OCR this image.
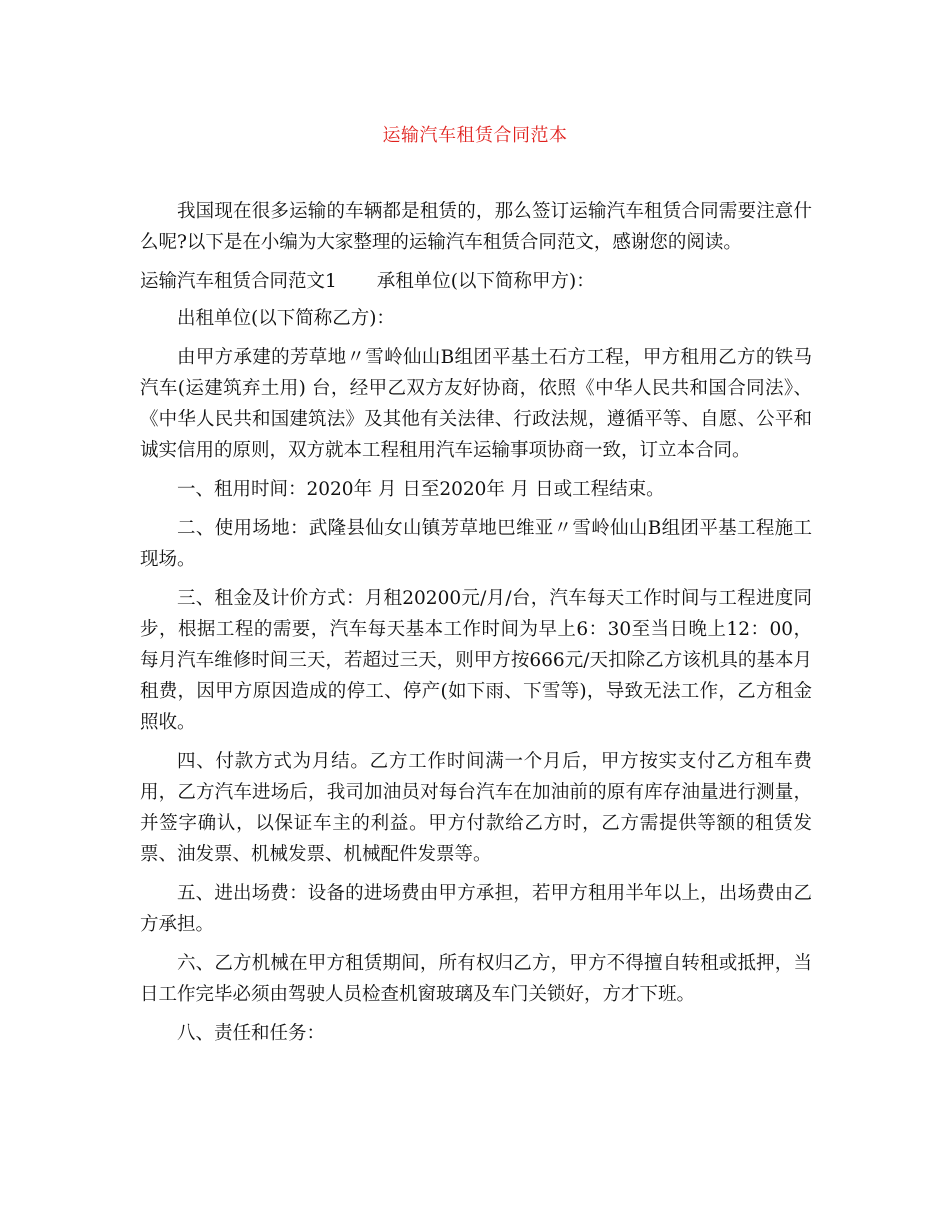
运输汽车租赁合同范本

我国现在很多运输的车辆都是租赁的，那么签订运输汽车租赁合同需要注意什么呢?以下是在小编为大家整理的运输汽车租赁合同范文，感谢您的阅读。

运输汽车租赁合同范文1 承租单位(以下简称甲方)：

出租单位(以下简称乙方)：

由甲方承建的芳草地〃雪岭仙山B组团平基土石方工程，甲方租用乙方的铁马汽车(运建筑弃土用) 台，经甲乙双方友好协商，依照《中华人民共和国合同法》、《中华人民共和国建筑法》及其他有关法律、行政法规，遵循平等、自愿、公平和诚实信用的原则，双方就本工程租用汽车运输事项协商一致，订立本合同。

一、租用时间：2020年 月 日至2020年 月 日或工程结束。

二、使用场地：武隆县仙女山镇芳草地巴维亚〃雪岭仙山B组团平基工程施工现场。

三、租金及计价方式：月租20200元/月/台，汽车每天工作时间与工程进度同步，根据工程的需要，汽车每天基本工作时间为早上6：30至当日晚上12：00，每月汽车维修时间三天，若超过三天，则甲方按666元/天扣除乙方该机具的基本月租费，因甲方原因造成的停工、停产(如下雨、下雪等)，导致无法工作，乙方租金照收。

四、付款方式为月结。乙方工作时间满一个月后，甲方按实支付乙方租车费用，乙方汽车进场后，我司加油员对每台汽车在加油前的原有库存油量进行测量，并签字确认，以保证车主的利益。甲方付款给乙方时，乙方需提供等额的租赁发票、油发票、机械发票、机械配件发票等。

五、进出场费：设备的进场费由甲方承担，若甲方租用半年以上，出场费由乙方承担。

六、乙方机械在甲方租赁期间，所有权归乙方，甲方不得擅自转租或抵押，当日工作完毕必须由驾驶人员检查机窗玻璃及车门关锁好，方才下班。

八、责任和任务：
